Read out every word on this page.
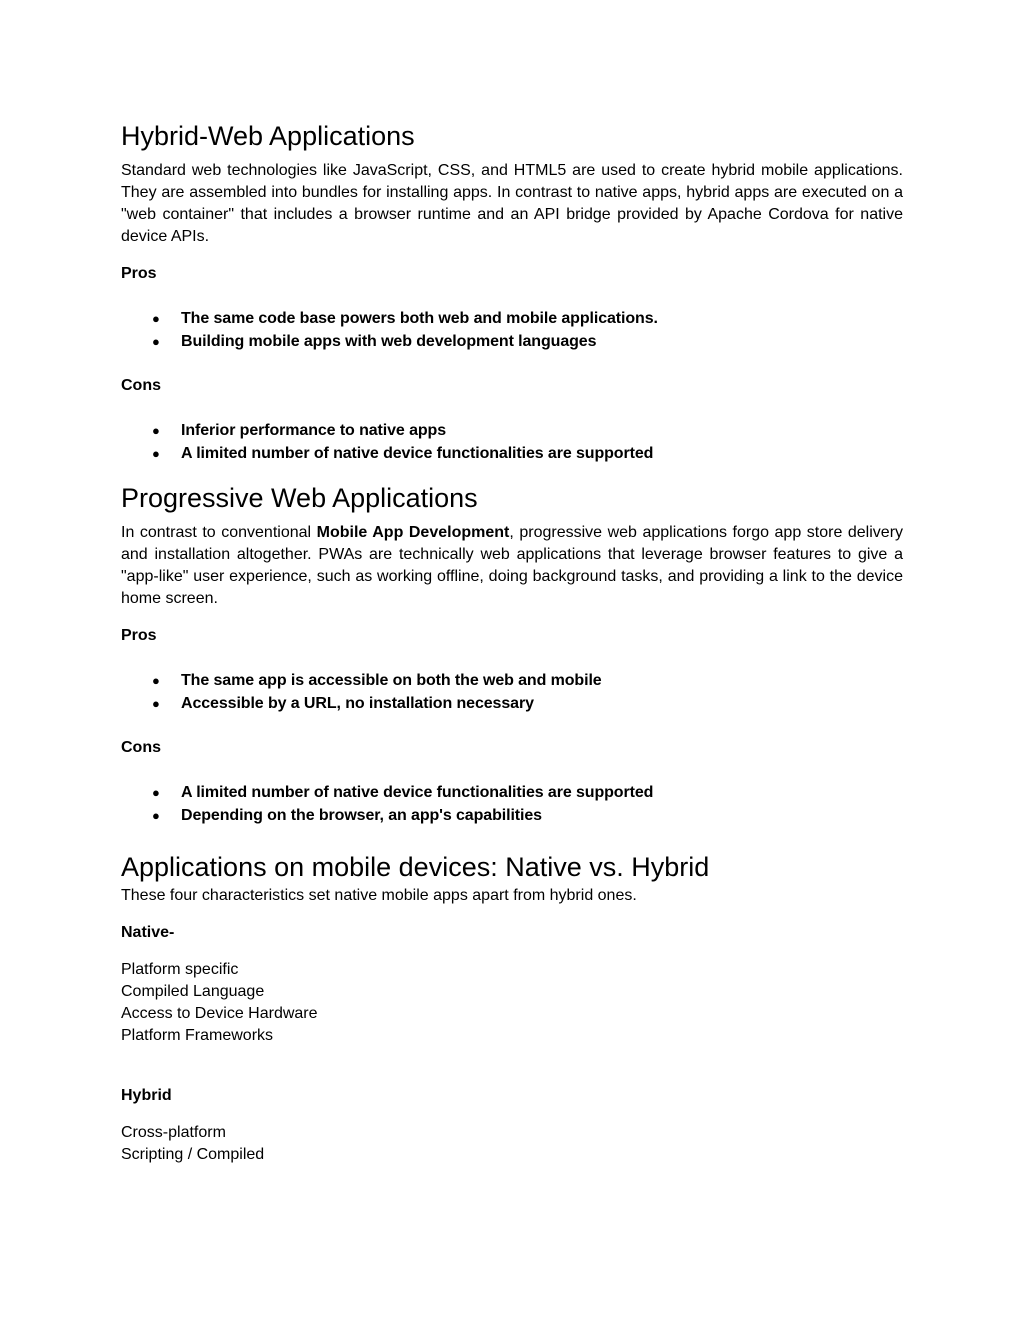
Hybrid-Web Applications

Standard web technologies like JavaScript, CSS, and HTML5 are used to create hybrid mobile applications. They are assembled into bundles for installing apps. In contrast to native apps, hybrid apps are executed on a "web container" that includes a browser runtime and an API bridge provided by Apache Cordova for native device APIs.

Pros

● The same code base powers both web and mobile applications.
● Building mobile apps with web development languages

Cons

● Inferior performance to native apps
● A limited number of native device functionalities are supported
Progressive Web Applications

In contrast to conventional Mobile App Development, progressive web applications forgo app store delivery and installation altogether. PWAs are technically web applications that leverage browser features to give a "app-like" user experience, such as working offline, doing background tasks, and providing a link to the device home screen.

Pros

● The same app is accessible on both the web and mobile
● Accessible by a URL, no installation necessary

Cons

● A limited number of native device functionalities are supported
● Depending on the browser, an app's capabilities
Applications on mobile devices: Native vs. Hybrid

These four characteristics set native mobile apps apart from hybrid ones.

Native-

Platform specific

Compiled Language

Access to Device Hardware

Platform Frameworks

Hybrid

Cross-platform

Scripting / Compiled
